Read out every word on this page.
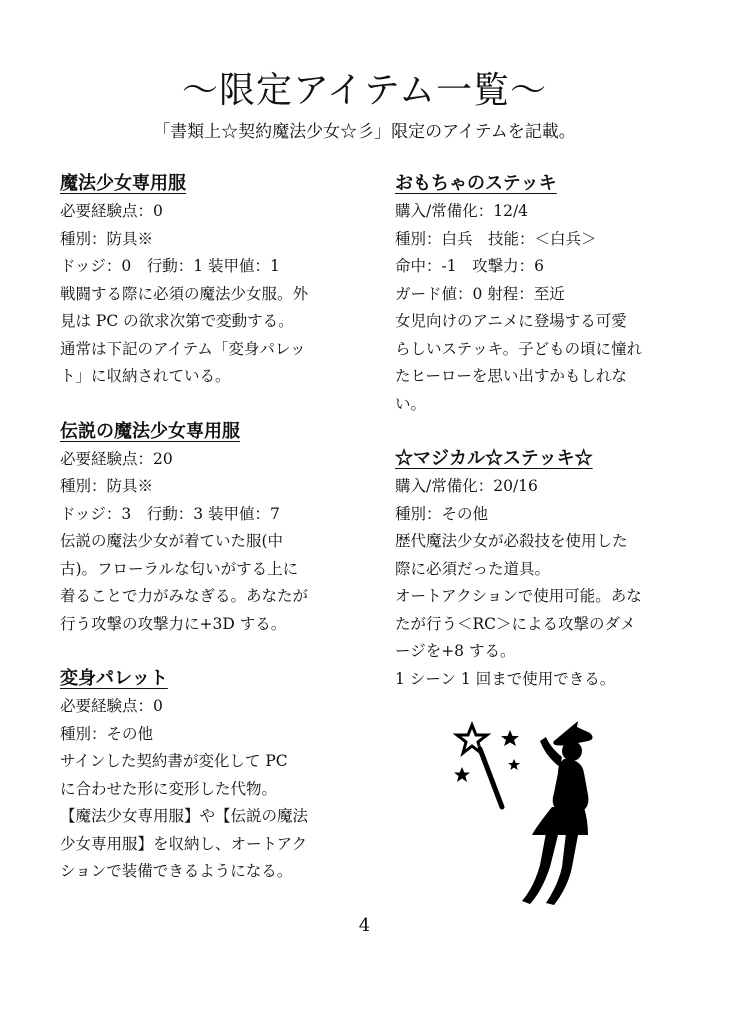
～限定アイテム一覧～

「書類上☆契約魔法少女☆彡」限定のアイテムを記載。

魔法少女専用服

必要経験点：0

種別：防具※

ドッジ：0　行動：1 装甲値：1

戦闘する際に必須の魔法少女服。外

見は PC の欲求次第で変動する。

通常は下記のアイテム「変身パレッ

ト」に収納されている。

伝説の魔法少女専用服

必要経験点：20

種別：防具※

ドッジ：3　行動：3 装甲値：7

伝説の魔法少女が着ていた服(中

古)。フローラルな匂いがする上に

着ることで力がみなぎる。あなたが

行う攻撃の攻撃力に+3D する。

変身パレット

必要経験点：0

種別：その他

サインした契約書が変化して PC

に合わせた形に変形した代物。

【魔法少女専用服】や【伝説の魔法

少女専用服】を収納し、オートアク

ションで装備できるようになる。

おもちゃのステッキ

購入/常備化：12/4

種別：白兵　技能：＜白兵＞

命中：-1　攻撃力：6

ガード値：0 射程：至近

女児向けのアニメに登場する可愛

らしいステッキ。子どもの頃に憧れ

たヒーローを思い出すかもしれな

い。

☆マジカル☆ステッキ☆

購入/常備化：20/16

種別：その他

歴代魔法少女が必殺技を使用した

際に必須だった道具。

オートアクションで使用可能。あな

たが行う＜RC＞による攻撃のダメ

ージを+8 する。

1 シーン 1 回まで使用できる。

4
